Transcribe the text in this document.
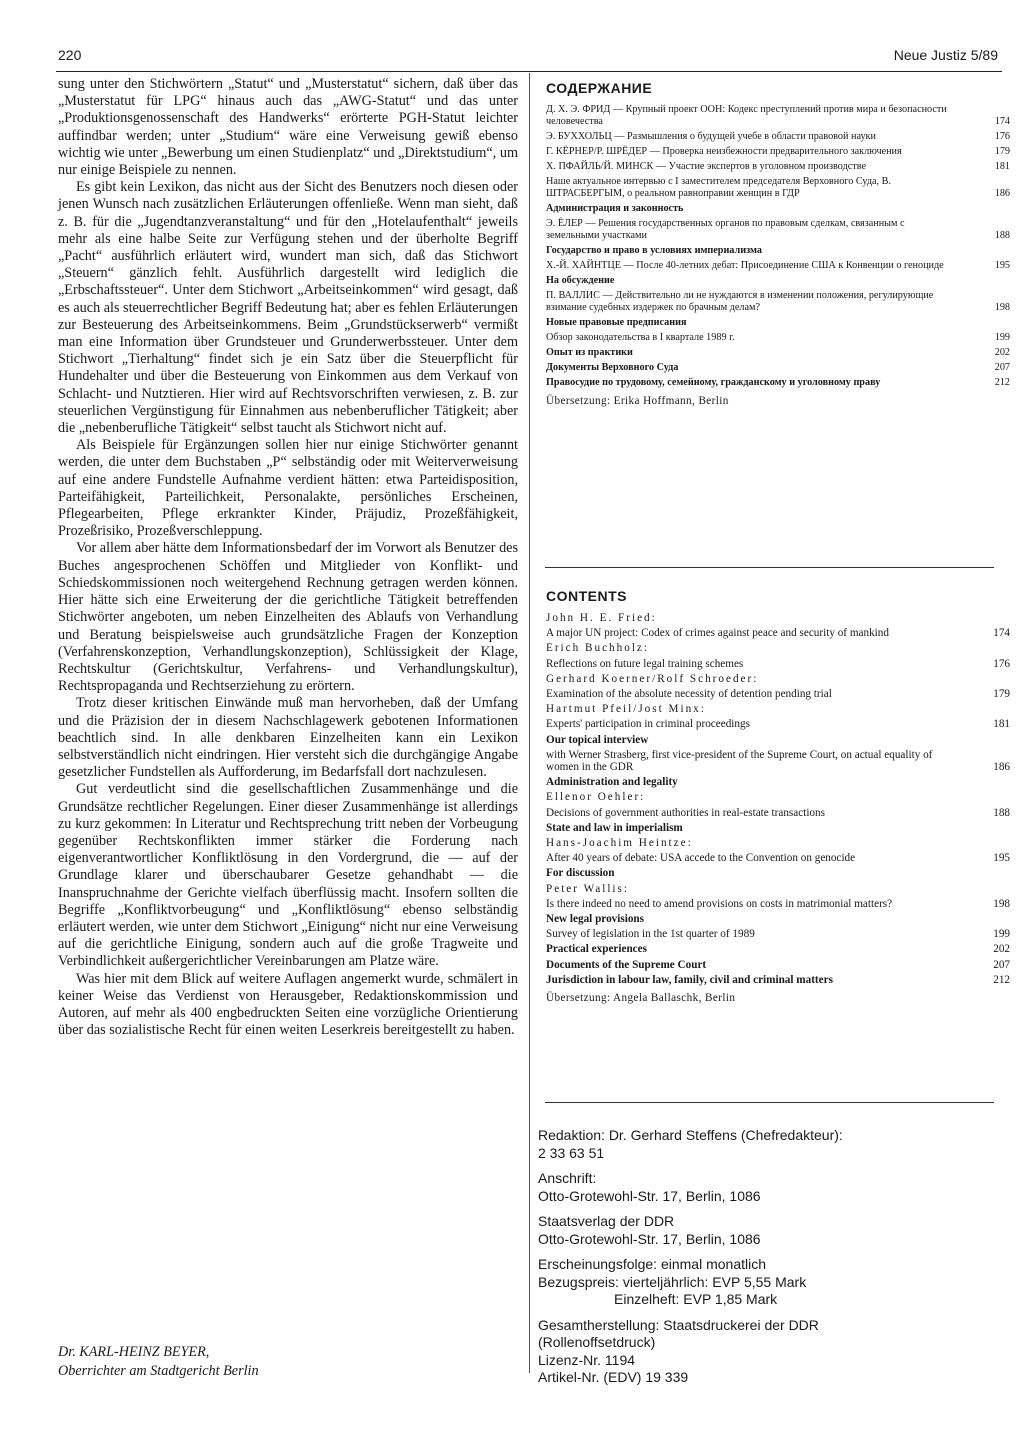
220	Neue Justiz 5/89

sung unter den Stichwörtern „Statut“ und „Musterstatut“ sichern, daß über das „Musterstatut für LPG“ hinaus auch das „AWG-Statut“ und das unter „Produktionsgenossenschaft des Handwerks“ erörterte PGH-Statut leichter auffindbar werden; unter „Studium“ wäre eine Verweisung gewiß ebenso wichtig wie unter „Bewerbung um einen Studienplatz“ und „Direktstudium“, um nur einige Beispiele zu nennen.

Es gibt kein Lexikon, das nicht aus der Sicht des Benutzers noch diesen oder jenen Wunsch nach zusätzlichen Erläuterungen offenließe. Wenn man sieht, daß z. B. für die „Jugendtanzveranstaltung“ und für den „Hotelaufenthalt“ jeweils mehr als eine halbe Seite zur Verfügung stehen und der überholte Begriff „Pacht“ ausführlich erläutert wird, wundert man sich, daß das Stichwort „Steuern“ gänzlich fehlt. Ausführlich dargestellt wird lediglich die „Erbschaftssteuer“. Unter dem Stichwort „Arbeitseinkommen“ wird gesagt, daß es auch als steuerrechtlicher Begriff Bedeutung hat; aber es fehlen Erläuterungen zur Besteuerung des Arbeitseinkommens. Beim „Grundstückserwerb“ vermißt man eine Information über Grundsteuer und Grunderwerbssteuer. Unter dem Stichwort „Tierhaltung“ findet sich je ein Satz über die Steuerpflicht für Hundehalter und über die Besteuerung von Einkommen aus dem Verkauf von Schlacht- und Nutztieren. Hier wird auf Rechtsvorschriften verwiesen, z. B. zur steuerlichen Vergünstigung für Einnahmen aus nebenberuflicher Tätigkeit; aber die „nebenberufliche Tätigkeit“ selbst taucht als Stichwort nicht auf.

Als Beispiele für Ergänzungen sollen hier nur einige Stichwörter genannt werden, die unter dem Buchstaben „P“ selbständig oder mit Weiterverweisung auf eine andere Fundstelle Aufnahme verdient hätten: etwa Parteidisposition, Parteifähigkeit, Parteilichkeit, Personalakte, persönliches Erscheinen, Pflegearbeiten, Pflege erkrankter Kinder, Präjudiz, Prozeßfähigkeit, Prozeßrisiko, Prozeßverschleppung.

Vor allem aber hätte dem Informationsbedarf der im Vorwort als Benutzer des Buches angesprochenen Schöffen und Mitglieder von Konflikt- und Schiedskommissionen noch weitergehend Rechnung getragen werden können. Hier hätte sich eine Erweiterung der die gerichtliche Tätigkeit betreffenden Stichwörter angeboten, um neben Einzelheiten des Ablaufs von Verhandlung und Beratung beispielsweise auch grundsätzliche Fragen der Konzeption (Verfahrenskonzeption, Verhandlungskonzeption), Schlüssigkeit der Klage, Rechtskultur (Gerichtskultur, Verfahrens- und Verhandlungskultur), Rechtspropaganda und Rechtserziehung zu erörtern.

Trotz dieser kritischen Einwände muß man hervorheben, daß der Umfang und die Präzision der in diesem Nachschlagewerk gebotenen Informationen beachtlich sind. In alle denkbaren Einzelheiten kann ein Lexikon selbstverständlich nicht eindringen. Hier versteht sich die durchgängige Angabe gesetzlicher Fundstellen als Aufforderung, im Bedarfsfall dort nachzulesen.

Gut verdeutlicht sind die gesellschaftlichen Zusammenhänge und die Grundsätze rechtlicher Regelungen. Einer dieser Zusammenhänge ist allerdings zu kurz gekommen: In Literatur und Rechtsprechung tritt neben der Vorbeugung gegenüber Rechtskonflikten immer stärker die Forderung nach eigenverantwortlicher Konfliktlösung in den Vordergrund, die — auf der Grundlage klarer und überschaubarer Gesetze gehandhabt — die Inanspruchnahme der Gerichte vielfach überflüssig macht. Insofern sollten die Begriffe „Konfliktvorbeugung“ und „Konfliktlösung“ ebenso selbständig erläutert werden, wie unter dem Stichwort „Einigung“ nicht nur eine Verweisung auf die gerichtliche Einigung, sondern auch auf die große Tragweite und Verbindlichkeit außergerichtlicher Vereinbarungen am Platze wäre.

Was hier mit dem Blick auf weitere Auflagen angemerkt wurde, schmälert in keiner Weise das Verdienst von Herausgeber, Redaktionskommission und Autoren, auf mehr als 400 engbedruckten Seiten eine vorzügliche Orientierung über das sozialistische Recht für einen weiten Leserkreis bereitgestellt zu haben.

Dr. KARL-HEINZ BEYER,
Oberrichter am Stadtgericht Berlin
СОДЕРЖАНИЕ
Д. X. Э. ФРИД — Крупный проект ООН: Кодекс преступлений против мира и безопасности человечества	174
Э. БУХХОЛЬЦ — Размышления о будущей учебе в области правовой науки	176
Г. КЁРНЕР/Р. ШРЁДЕР — Проверка неизбежности предварительного заключения	179
X. ПФАЙЛЬ/Й. МИНСК — Участие экспертов в уголовном производстве	181
Наше актуальное интервью с I заместителем председателя Верховного Суда, В. ШТРАСБЕРГЫМ, о реальном равноправии женщин в ГДР	186
Администрация и законность
Э. ЁЛЕР — Решения государственных органов по правовым сделкам, связанным с земельными участками	188
Государство и право в условиях империализма
X.-Й. ХАЙНТЦЕ — После 40-летних дебат: Присоединение США к Конвенции о геноциде	195
На обсуждение
П. ВАЛЛИС — Действительно ли не нуждаются в изменении положения, регулирующие взимание судебных издержек по брачным делам?	198
Новые правовые предписания
Обзор законодательства в I квартале 1989 г.	199
Опыт из практики	202
Документы Верховного Суда	207
Правосудие по трудовому, семейному, гражданскому и уголовному праву	212
Übersetzung: Erika Hoffmann, Berlin
CONTENTS
John H. E. Fried:
A major UN project: Codex of crimes against peace and security of mankind	174
Erich Buchholz:
Reflections on future legal training schemes	176
Gerhard Koerner/Rolf Schroeder:
Examination of the absolute necessity of detention pending trial	179
Hartmut Pfeil/Jost Minx:
Experts' participation in criminal proceedings	181
Our topical interview
with Werner Strasberg, first vice-president of the Supreme Court, on actual equality of women in the GDR	186
Administration and legality
Ellenor Oehler:
Decisions of government authorities in real-estate transactions	188
State and law in imperialism
Hans-Joachim Heintze:
After 40 years of debate: USA accede to the Convention on genocide	195
For discussion
Peter Wallis:
Is there indeed no need to amend provisions on costs in matrimonial matters?	198
New legal provisions
Survey of legislation in the 1st quarter of 1989	199
Practical experiences	202
Documents of the Supreme Court	207
Jurisdiction in labour law, family, civil and criminal matters	212
Übersetzung: Angela Ballaschk, Berlin
Redaktion: Dr. Gerhard Steffens (Chefredakteur):
2 33 63 51
Anschrift:
Otto-Grotewohl-Str. 17, Berlin, 1086
Staatsverlag der DDR
Otto-Grotewohl-Str. 17, Berlin, 1086
Erscheinungsfolge: einmal monatlich
Bezugspreis: vierteljährlich: EVP 5,55 Mark
Einzelheft: EVP 1,85 Mark
Gesamtherstellung: Staatsdruckerei der DDR
(Rollenoffsetdruck)
Lizenz-Nr. 1194
Artikel-Nr. (EDV) 19 339
